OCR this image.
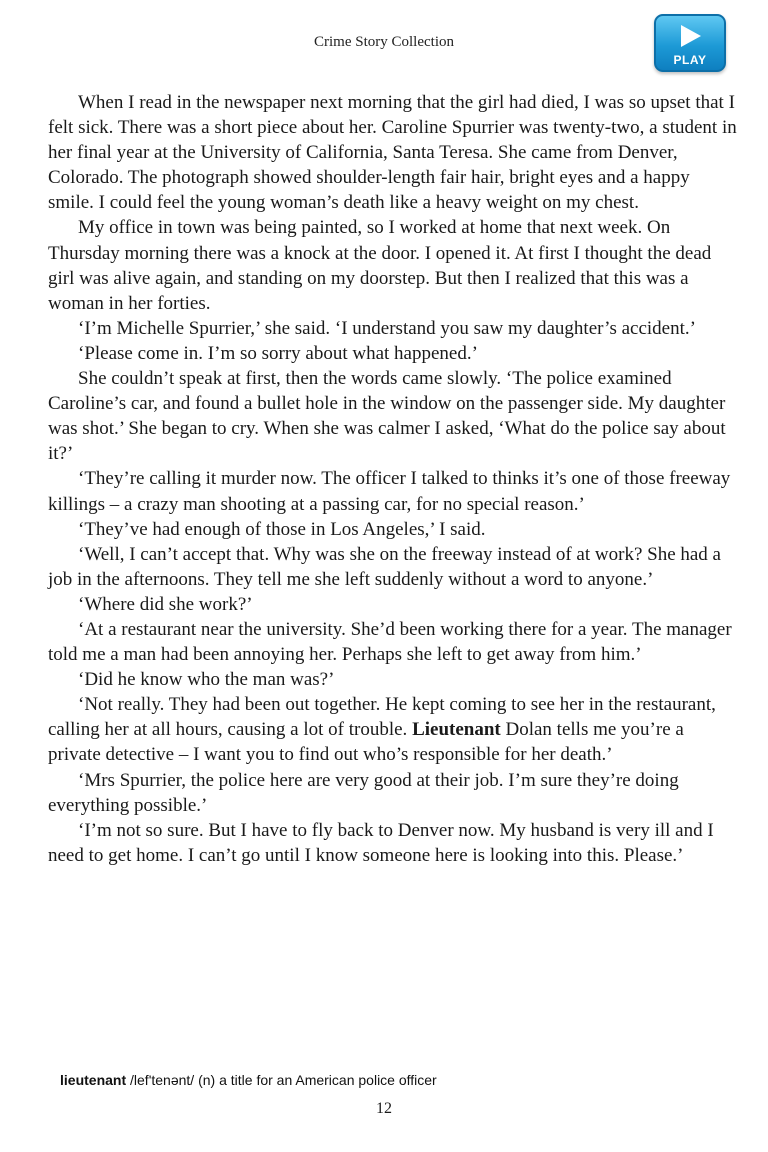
Crime Story Collection
PLAY

When I read in the newspaper next morning that the girl had died, I was so upset that I felt sick. There was a short piece about her. Caroline Spurrier was twenty-two, a student in her final year at the University of California, Santa Teresa. She came from Denver, Colorado. The photograph showed shoulder-length fair hair, bright eyes and a happy smile. I could feel the young woman’s death like a heavy weight on my chest.

My office in town was being painted, so I worked at home that next week. On Thursday morning there was a knock at the door. I opened it. At first I thought the dead girl was alive again, and standing on my doorstep. But then I realized that this was a woman in her forties.

‘I’m Michelle Spurrier,’ she said. ‘I understand you saw my daughter’s accident.’

‘Please come in. I’m so sorry about what happened.’

She couldn’t speak at first, then the words came slowly. ‘The police examined Caroline’s car, and found a bullet hole in the window on the passenger side. My daughter was shot.’ She began to cry. When she was calmer I asked, ‘What do the police say about it?’

‘They’re calling it murder now. The officer I talked to thinks it’s one of those freeway killings – a crazy man shooting at a passing car, for no special reason.’

‘They’ve had enough of those in Los Angeles,’ I said.

‘Well, I can’t accept that. Why was she on the freeway instead of at work? She had a job in the afternoons. They tell me she left suddenly without a word to anyone.’

‘Where did she work?’

‘At a restaurant near the university. She’d been working there for a year. The manager told me a man had been annoying her. Perhaps she left to get away from him.’

‘Did he know who the man was?’

‘Not really. They had been out together. He kept coming to see her in the restaurant, calling her at all hours, causing a lot of trouble. Lieutenant Dolan tells me you’re a private detective – I want you to find out who’s responsible for her death.’

‘Mrs Spurrier, the police here are very good at their job. I’m sure they’re doing everything possible.’

‘I’m not so sure. But I have to fly back to Denver now. My husband is very ill and I need to get home. I can’t go until I know someone here is looking into this. Please.’

lieutenant /lef'tenənt/ (n) a title for an American police officer
12
